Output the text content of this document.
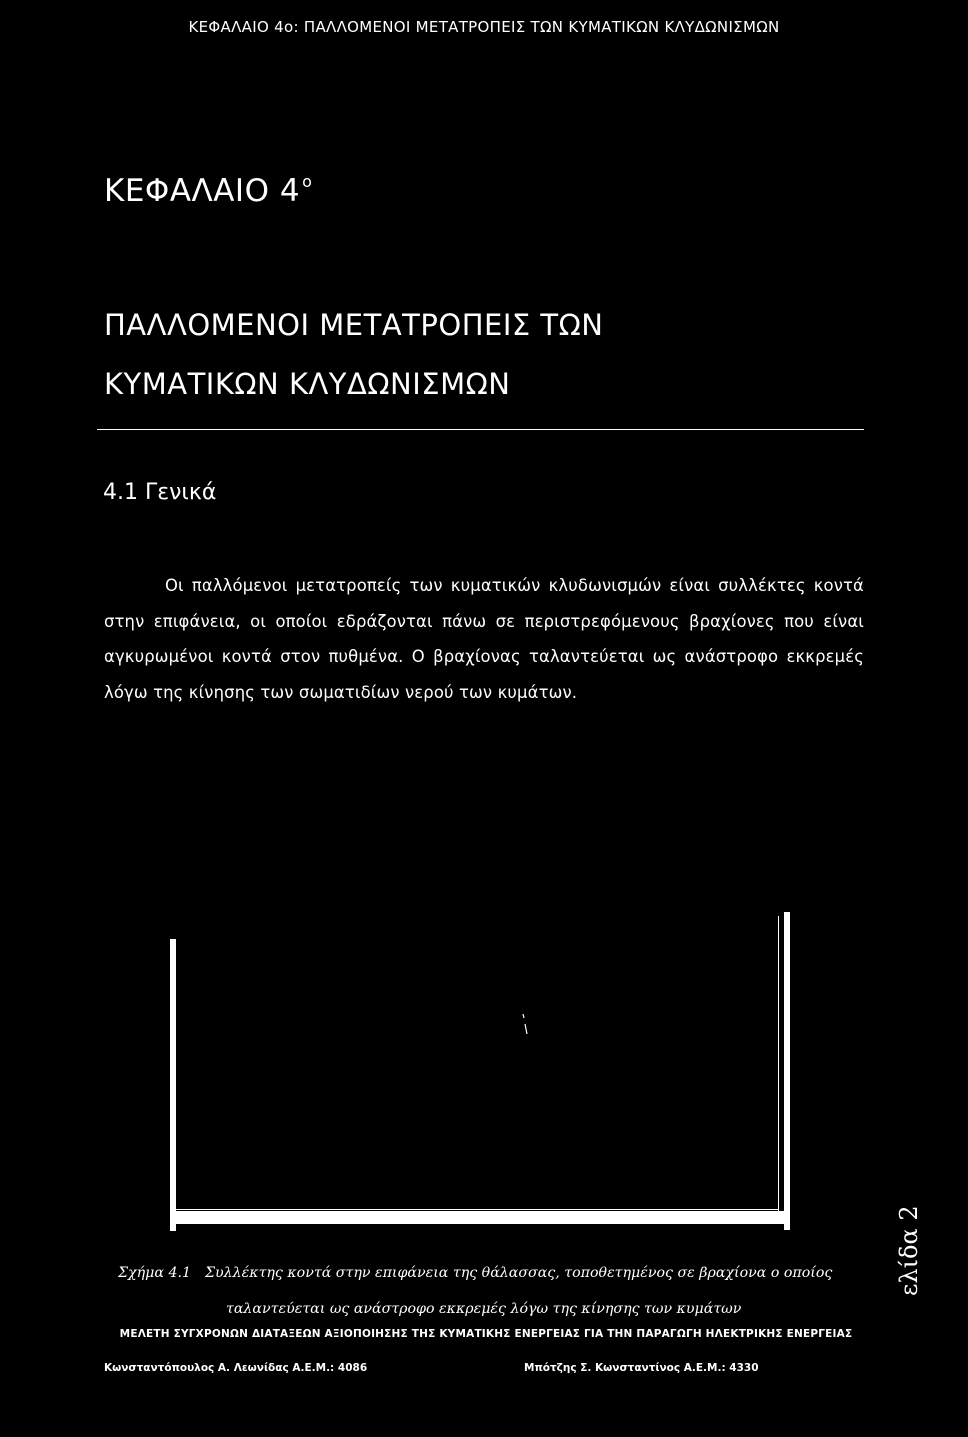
ΚΕΦΑΛΑΙΟ 4ο: ΠΑΛΛΟΜΕΝΟΙ ΜΕΤΑΤΡΟΠΕΙΣ ΤΩΝ ΚΥΜΑΤΙΚΩΝ ΚΛΥΔΩΝΙΣΜΩΝ
ΚΕΦΑΛΑΙΟ 4 $^o$
ΠΑΛΛΟΜΕΝΟΙ ΜΕΤΑΤΡΟΠΕΙΣ ΤΩΝ
ΚΥΜΑΤΙΚΩΝ ΚΛΥΔΩΝΙΣΜΩΝ
4.1 Γενικά
Οι παλλόμενοι μετατροπείς των κυματικών κλυδωνισμών είναι συλλέκτες κοντά στην επιφάνεια, οι οποίοι εδράζονται πάνω σε περιστρεφόμενους βραχίονες που είναι αγκυρωμένοι κοντά στον πυθμένα. Ο βραχίονας ταλαντεύεται ως ανάστροφο εκκρεμές λόγω της κίνησης των σωματιδίων νερού των κυμάτων.
Σχήμα 4.1 Συλλέκτης κοντά στην επιφάνεια της θάλασσας, τοποθετημένος σε βραχίονα ο οποίος
ταλαντεύεται ως ανάστροφο εκκρεμές λόγω της κίνησης των κυμάτων
ΜΕΛΕΤΗ ΣΥΓΧΡΟΝΩΝ ΔΙΑΤΑΞΕΩΝ ΑΞΙΟΠΟΙΗΣΗΣ ΤΗΣ ΚΥΜΑΤΙΚΗΣ ΕΝΕΡΓΕΙΑΣ ΓΙΑ ΤΗΝ ΠΑΡΑΓΩΓΗ ΗΛΕΚΤΡΙΚΗΣ ΕΝΕΡΓΕΙΑΣ
Κωνσταντόπουλος Α. Λεωνίδας Α.Ε.Μ.: 4086	Μπότζης Σ. Κωνσταντίνος Α.Ε.Μ.: 4330
ελίδα 2
